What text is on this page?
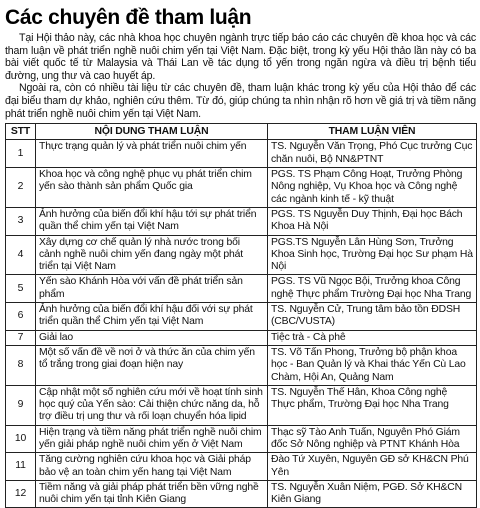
Các chuyên đề tham luận

Tại Hội thảo này, các nhà khoa học chuyên ngành trực tiếp báo cáo các chuyên đề khoa học và các tham luận về phát triển nghề nuôi chim yến tại Việt Nam. Đặc biệt, trong kỳ yếu Hội thảo lần này có ba bài viết quốc tế từ Malaysia và Thái Lan về tác dụng tổ yến trong ngăn ngừa và điều trị bệnh tiểu đường, ung thư và cao huyết áp.

Ngoài ra, còn có nhiều tài liệu từ các chuyên đề, tham luận khác trong kỳ yếu của Hội thảo để các đại biểu tham dự khảo, nghiên cứu thêm. Từ đó, giúp chúng ta nhìn nhận rõ hơn về giá trị và tiềm năng phát triển nghề nuôi chim yến tại Việt Nam.

STT	NỘI DUNG THAM LUẬN	THAM LUẬN VIÊN
1	Thực trạng quản lý và phát triển nuôi chim yến	TS. Nguyễn Văn Trọng, Phó Cục trưởng Cục chăn nuôi, Bộ NN&PTNT
2	Khoa học và công nghệ phục vụ phát triển chim yến sào thành sản phẩm Quốc gia	PGS. TS Phạm Công Hoạt, Trưởng Phòng Nông nghiệp, Vụ Khoa học và Công nghệ các ngành kinh tế - kỹ thuật
3	Ảnh hưởng của biến đổi khí hậu tới sự phát triển quần thể chim yến tại Việt Nam	PGS. TS Nguyễn Duy Thịnh, Đại học Bách Khoa Hà Nội
4	Xây dựng cơ chế quản lý nhà nước trong bối cảnh nghề nuôi chim yến đang ngày một phát triển tại Việt Nam	PGS.TS Nguyễn Lân Hùng Sơn, Trưởng Khoa Sinh học, Trường Đại học Sư phạm Hà Nội
5	Yến sào Khánh Hòa với vấn đề phát triển sản phẩm	PGS. TS Vũ Ngọc Bội, Trưởng khoa Công nghệ Thực phẩm Trường Đại học Nha Trang
6	Ảnh hưởng của biến đổi khí hậu đối với sự phát triển quần thể Chim yến tại Việt Nam	TS. Nguyễn Cử, Trung tâm bảo tồn ĐDSH (CBC/VUSTA)
7	Giải lao	Tiệc trà - Cà phê
8	Một số vấn đề về nơi ở và thức ăn của chim yến tổ trắng trong giai đoạn hiện nay	TS. Võ Tấn Phong, Trưởng bộ phận khoa học - Ban Quản lý và Khai thác Yến Cù Lao Chàm, Hội An, Quảng Nam
9	Cập nhật một số nghiên cứu mới về hoạt tính sinh học quý của Yến sào: Cải thiện chức năng da, hỗ trợ điều trị ung thư và rối loạn chuyển hóa lipid	TS. Nguyễn Thế Hân, Khoa Công nghệ Thực phẩm, Trường Đại học Nha Trang
10	Hiện trạng và tiềm năng phát triển nghề nuôi chim yến giải pháp nghề nuôi chim yến ở Việt Nam	Thạc sỹ Tào Anh Tuấn, Nguyên Phó Giám đốc Sở Nông nghiệp và PTNT Khánh Hòa
11	Tăng cường nghiên cứu khoa học và Giải pháp bảo vệ an toàn chim yến hang tại Việt Nam	Đào Tứ Xuyên, Nguyên GĐ sở KH&CN Phú Yên
12	Tiềm năng và giải pháp phát triển bền vững nghề nuôi chim yến tại tỉnh Kiên Giang	TS. Nguyễn Xuân Niệm, PGĐ. Sở KH&CN Kiên Giang
